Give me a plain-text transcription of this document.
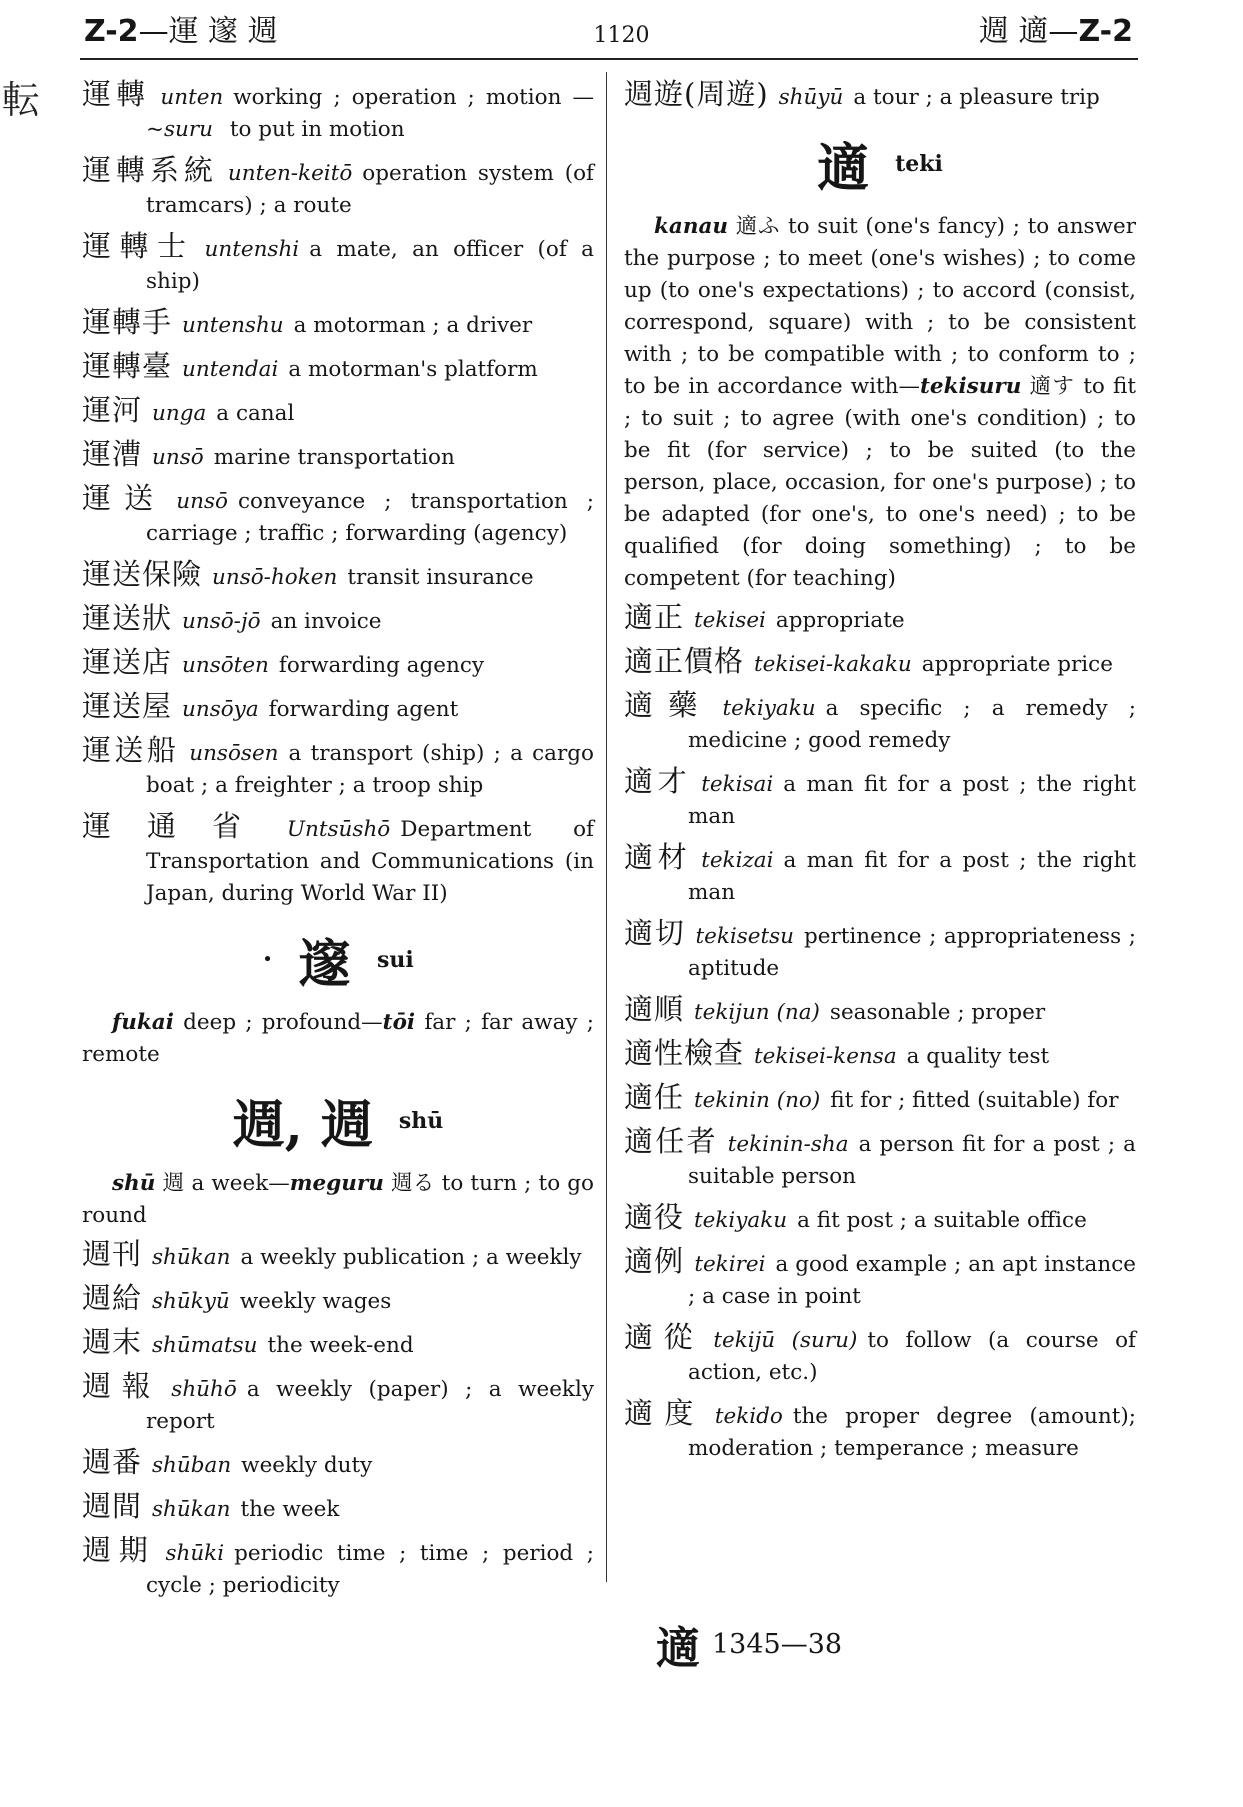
Z-2—運 邃 週	1120	週 適—Z-2
転 運轉 unten working ; operation ; motion —~suru to put in motion
運轉系統 unten-keitō operation system (of tramcars) ; a route
運轉士 untenshi a mate, an officer (of a ship)
運轉手 untenshu a motorman ; a driver
運轉臺 untendai a motorman's platform
運河 unga a canal
運漕 unsō marine transportation
運送 unsō conveyance ; transportation ; carriage ; traffic ; forwarding (agency)
運送保險 unsō-hoken transit insurance
運送狀 unsō-jō an invoice
運送店 unsōten forwarding agency
運送屋 unsōya forwarding agent
運送船 unsōsen a transport (ship) ; a cargo boat ; a freighter ; a troop ship
運通省 Untsūshō Department of Transportation and Communications (in Japan, during World War II)
• 邃 sui
fukai deep ; profound—tōi far ; far away ; remote
週, 週 shū
shū 週 a week—meguru 週る to turn ; to go round
週刊 shūkan a weekly publication ; a weekly
週給 shūkyū weekly wages
週末 shūmatsu the week-end
週報 shūhō a weekly (paper) ; a weekly report
週番 shūban weekly duty
週間 shūkan the week
週期 shūki periodic time ; time ; period ; cycle ; periodicity
週遊(周遊) shūyū a tour ; a pleasure trip
適 teki
kanau 適ふ to suit (one's fancy) ; to answer the purpose ; to meet (one's wishes) ; to come up (to one's expectations) ; to accord (consist, correspond, square) with ; to be consistent with ; to be compatible with ; to conform to ; to be in accordance with—tekisuru 適す to fit ; to suit ; to agree (with one's condition) ; to be fit (for service) ; to be suited (to the person, place, occasion, for one's purpose) ; to be adapted (for one's, to one's need) ; to be qualified (for doing something) ; to be competent (for teaching)
適正 tekisei appropriate
適正價格 tekisei-kakaku appropriate price
適藥 tekiyaku a specific ; a remedy ; medicine ; good remedy
適才 tekisai a man fit for a post ; the right man
適材 tekizai a man fit for a post ; the right man
適切 tekisetsu pertinence ; appropriateness ; aptitude
適順 tekijun (na) seasonable ; proper
適性檢查 tekisei-kensa a quality test
適任 tekinin (no) fit for ; fitted (suitable) for
適任者 tekinin-sha a person fit for a post ; a suitable person
適役 tekiyaku a fit post ; a suitable office
適例 tekirei a good example ; an apt instance ; a case in point
適從 tekijū (suru) to follow (a course of action, etc.)
適度 tekido the proper degree (amount); moderation ; temperance ; measure
適 1345—38
